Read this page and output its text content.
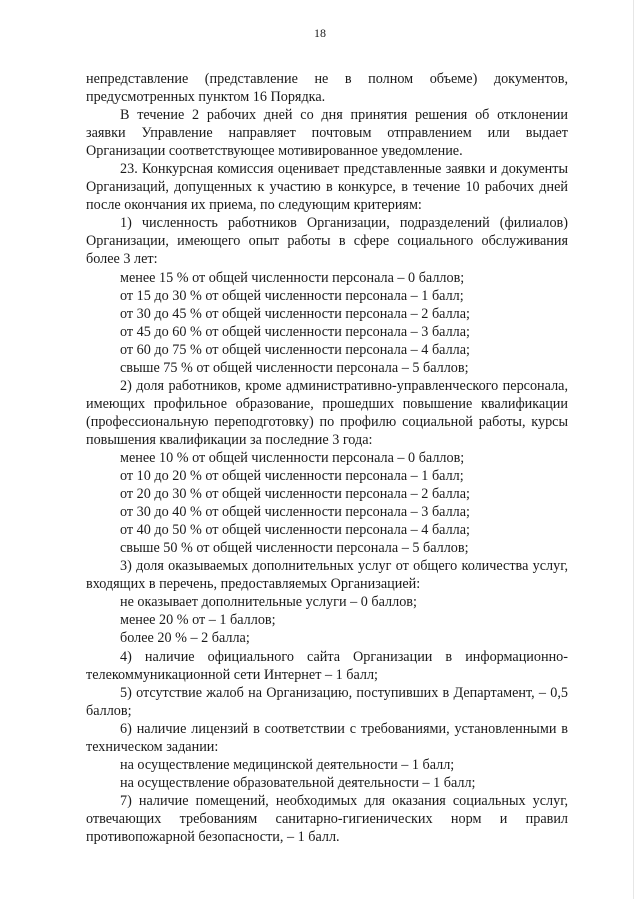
18

непредставление (представление не в полном объеме) документов, предусмотренных пунктом 16 Порядка.

В течение 2 рабочих дней со дня принятия решения об отклонении заявки Управление направляет почтовым отправлением или выдает Организации соответствующее мотивированное уведомление.

23. Конкурсная комиссия оценивает представленные заявки и документы Организаций, допущенных к участию в конкурсе, в течение 10 рабочих дней после окончания их приема, по следующим критериям:

1) численность работников Организации, подразделений (филиалов) Организации, имеющего опыт работы в сфере социального обслуживания более 3 лет:

менее 15 % от общей численности персонала – 0 баллов;

от 15 до 30 % от общей численности персонала – 1 балл;

от 30 до 45 % от общей численности персонала – 2 балла;

от 45 до 60 % от общей численности персонала – 3 балла;

от 60 до 75 % от общей численности персонала – 4 балла;

свыше 75 % от общей численности персонала – 5 баллов;

2) доля работников, кроме административно-управленческого персонала, имеющих профильное образование, прошедших повышение квалификации (профессиональную переподготовку) по профилю социальной работы, курсы повышения квалификации за последние 3 года:

менее 10 % от общей численности персонала – 0 баллов;

от 10 до 20 % от общей численности персонала – 1 балл;

от 20 до 30 % от общей численности персонала – 2 балла;

от 30 до 40 % от общей численности персонала – 3 балла;

от 40 до 50 % от общей численности персонала – 4 балла;

свыше 50 % от общей численности персонала – 5 баллов;

3) доля оказываемых дополнительных услуг от общего количества услуг, входящих в перечень, предоставляемых Организацией:

не оказывает дополнительные услуги – 0 баллов;

менее 20 % от – 1 баллов;

более 20 % – 2 балла;

4) наличие официального сайта Организации в информационно-телекоммуникационной сети Интернет – 1 балл;

5) отсутствие жалоб на Организацию, поступивших в Департамент, – 0,5 баллов;

6) наличие лицензий в соответствии с требованиями, установленными в техническом задании:

на осуществление медицинской деятельности – 1 балл;

на осуществление образовательной деятельности – 1 балл;

7) наличие помещений, необходимых для оказания социальных услуг, отвечающих требованиям санитарно-гигиенических норм и правил противопожарной безопасности, – 1 балл.
